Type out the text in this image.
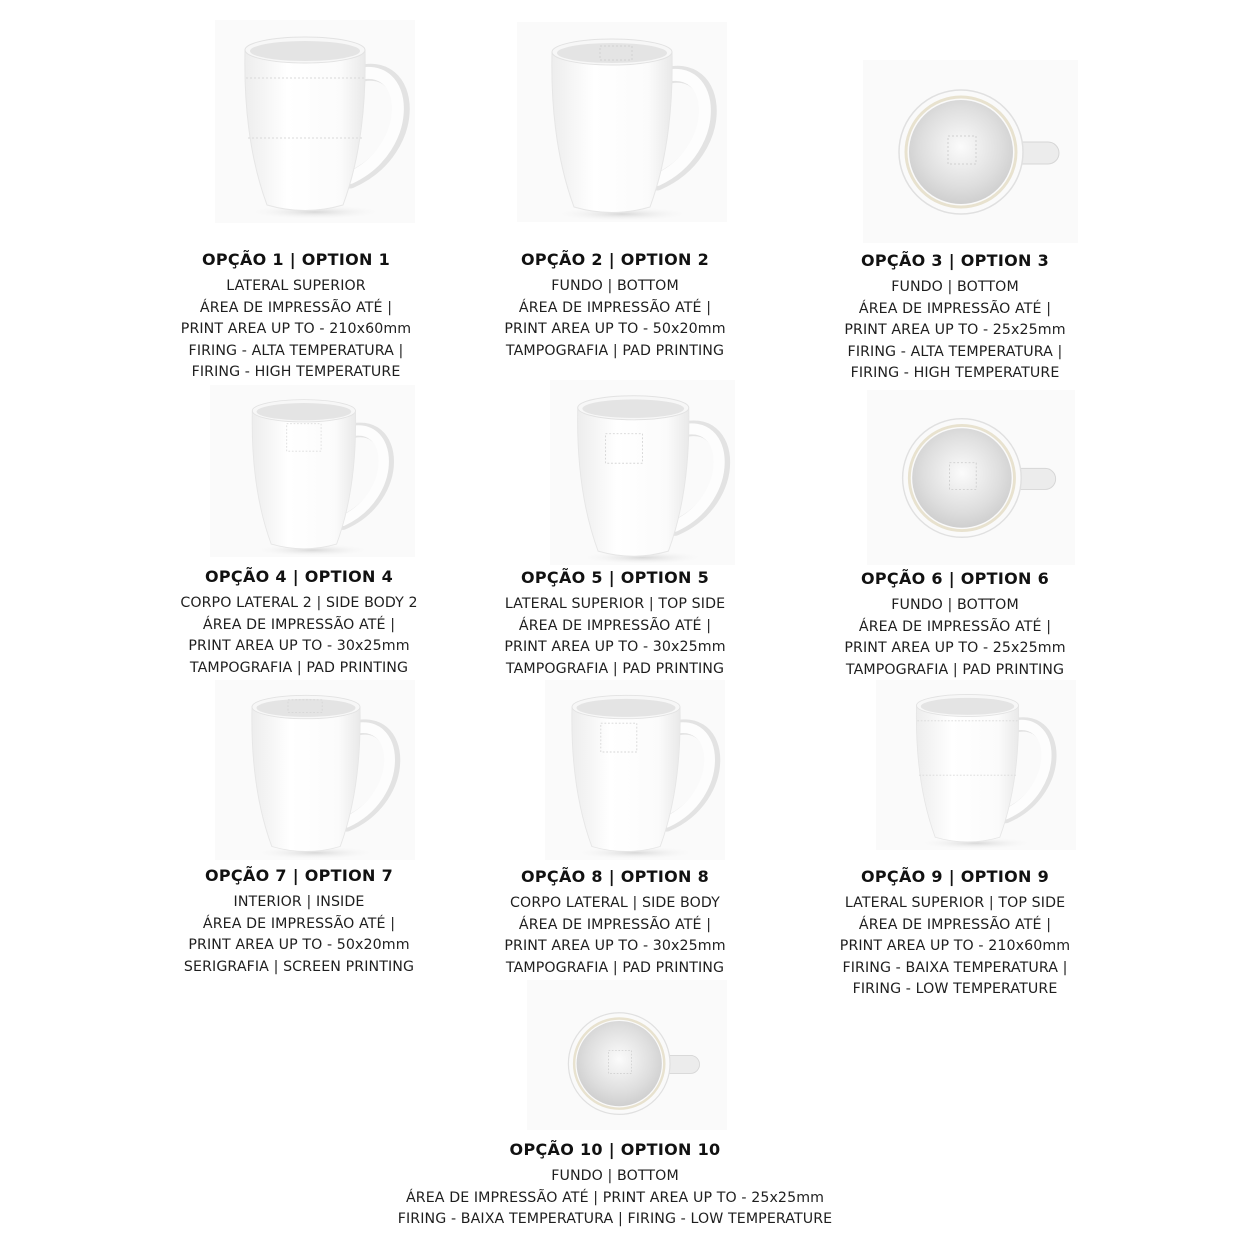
OPÇÃO 1 | OPTION 1
LATERAL SUPERIOR
ÁREA DE IMPRESSÃO ATÉ |
PRINT AREA UP TO - 210x60mm
FIRING - ALTA TEMPERATURA |
FIRING - HIGH TEMPERATURE
OPÇÃO 2 | OPTION 2
FUNDO | BOTTOM
ÁREA DE IMPRESSÃO ATÉ |
PRINT AREA UP TO - 50x20mm
TAMPOGRAFIA | PAD PRINTING
OPÇÃO 3 | OPTION 3
FUNDO | BOTTOM
ÁREA DE IMPRESSÃO ATÉ |
PRINT AREA UP TO - 25x25mm
FIRING - ALTA TEMPERATURA |
FIRING - HIGH TEMPERATURE
OPÇÃO 4 | OPTION 4
CORPO LATERAL 2 | SIDE BODY 2
ÁREA DE IMPRESSÃO ATÉ |
PRINT AREA UP TO - 30x25mm
TAMPOGRAFIA | PAD PRINTING
OPÇÃO 5 | OPTION 5
LATERAL SUPERIOR | TOP SIDE
ÁREA DE IMPRESSÃO ATÉ |
PRINT AREA UP TO - 30x25mm
TAMPOGRAFIA | PAD PRINTING
OPÇÃO 6 | OPTION 6
FUNDO | BOTTOM
ÁREA DE IMPRESSÃO ATÉ |
PRINT AREA UP TO - 25x25mm
TAMPOGRAFIA | PAD PRINTING
OPÇÃO 7 | OPTION 7
INTERIOR | INSIDE
ÁREA DE IMPRESSÃO ATÉ |
PRINT AREA UP TO - 50x20mm
SERIGRAFIA | SCREEN PRINTING
OPÇÃO 8 | OPTION 8
CORPO LATERAL | SIDE BODY
ÁREA DE IMPRESSÃO ATÉ |
PRINT AREA UP TO - 30x25mm
TAMPOGRAFIA | PAD PRINTING
OPÇÃO 9 | OPTION 9
LATERAL SUPERIOR | TOP SIDE
ÁREA DE IMPRESSÃO ATÉ |
PRINT AREA UP TO - 210x60mm
FIRING - BAIXA TEMPERATURA |
FIRING - LOW TEMPERATURE
OPÇÃO 10 | OPTION 10
FUNDO | BOTTOM
ÁREA DE IMPRESSÃO ATÉ | PRINT AREA UP TO - 25x25mm
FIRING - BAIXA TEMPERATURA | FIRING - LOW TEMPERATURE
